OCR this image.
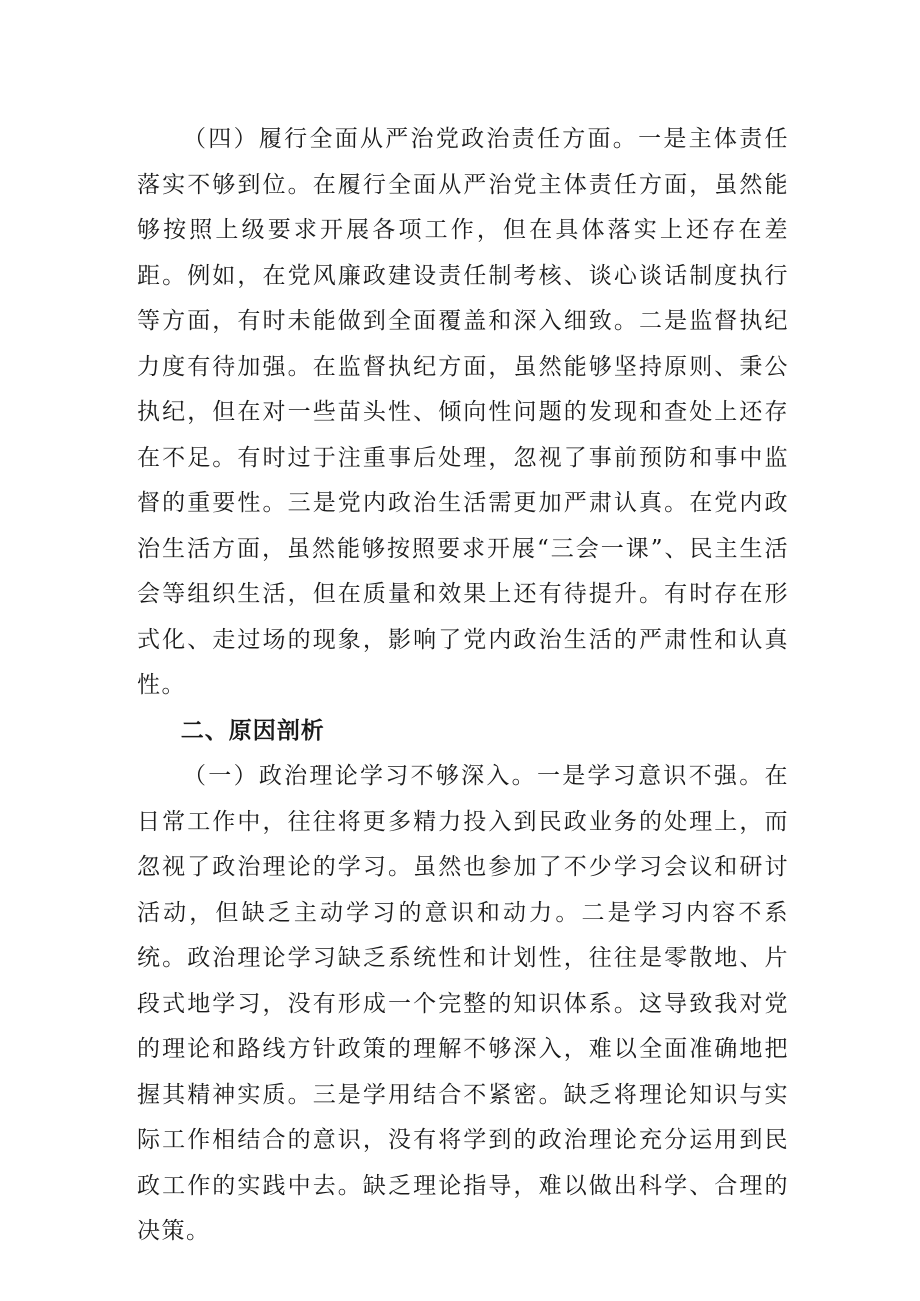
（四）履行全面从严治党政治责任方面。一是主体责任落实不够到位。在履行全面从严治党主体责任方面，虽然能够按照上级要求开展各项工作，但在具体落实上还存在差距。例如，在党风廉政建设责任制考核、谈心谈话制度执行等方面，有时未能做到全面覆盖和深入细致。二是监督执纪力度有待加强。在监督执纪方面，虽然能够坚持原则、秉公执纪，但在对一些苗头性、倾向性问题的发现和查处上还存在不足。有时过于注重事后处理，忽视了事前预防和事中监督的重要性。三是党内政治生活需更加严肃认真。在党内政治生活方面，虽然能够按照要求开展“三会一课”、民主生活会等组织生活，但在质量和效果上还有待提升。有时存在形式化、走过场的现象，影响了党内政治生活的严肃性和认真性。

二、原因剖析

（一）政治理论学习不够深入。一是学习意识不强。在日常工作中，往往将更多精力投入到民政业务的处理上，而忽视了政治理论的学习。虽然也参加了不少学习会议和研讨活动，但缺乏主动学习的意识和动力。二是学习内容不系统。政治理论学习缺乏系统性和计划性，往往是零散地、片段式地学习，没有形成一个完整的知识体系。这导致我对党的理论和路线方针政策的理解不够深入，难以全面准确地把握其精神实质。三是学用结合不紧密。缺乏将理论知识与实际工作相结合的意识，没有将学到的政治理论充分运用到民政工作的实践中去。缺乏理论指导，难以做出科学、合理的决策。
